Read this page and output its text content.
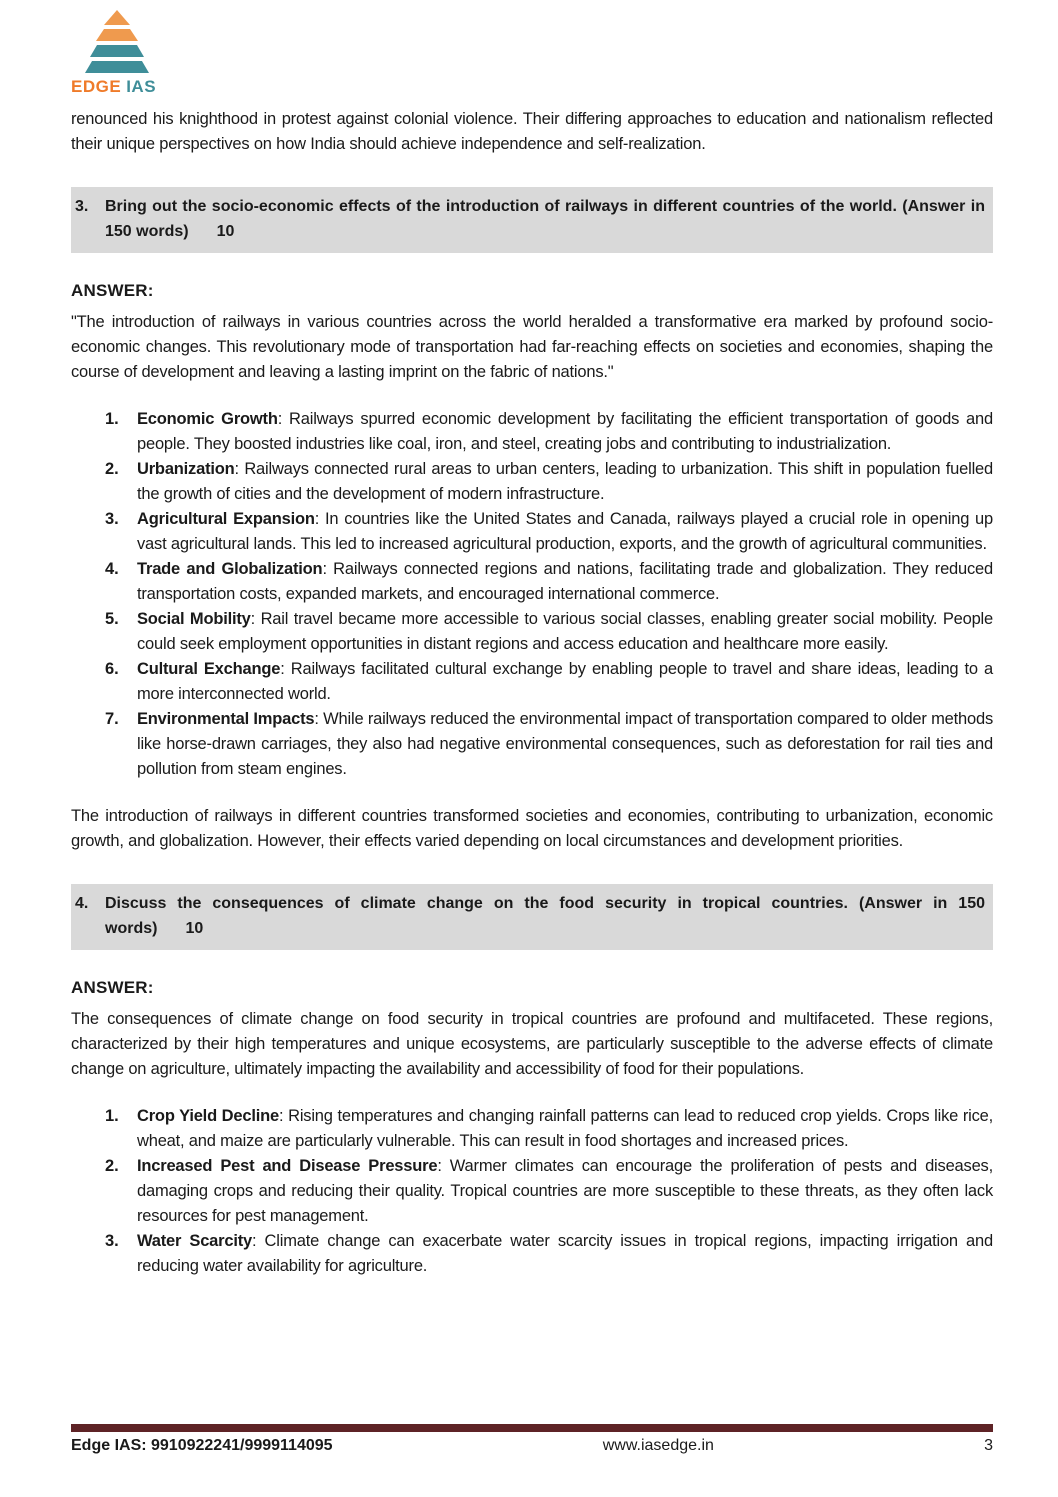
EDGE IAS

renounced his knighthood in protest against colonial violence. Their differing approaches to education and nationalism reflected their unique perspectives on how India should achieve independence and self-realization.

3.	Bring out the socio-economic effects of the introduction of railways in different countries of the world. (Answer in 150 words) 10

ANSWER:

"The introduction of railways in various countries across the world heralded a transformative era marked by profound socio-economic changes. This revolutionary mode of transportation had far-reaching effects on societies and economies, shaping the course of development and leaving a lasting imprint on the fabric of nations."

1.	Economic Growth: Railways spurred economic development by facilitating the efficient transportation of goods and people. They boosted industries like coal, iron, and steel, creating jobs and contributing to industrialization.
2.	Urbanization: Railways connected rural areas to urban centers, leading to urbanization. This shift in population fuelled the growth of cities and the development of modern infrastructure.
3.	Agricultural Expansion: In countries like the United States and Canada, railways played a crucial role in opening up vast agricultural lands. This led to increased agricultural production, exports, and the growth of agricultural communities.
4.	Trade and Globalization: Railways connected regions and nations, facilitating trade and globalization. They reduced transportation costs, expanded markets, and encouraged international commerce.
5.	Social Mobility: Rail travel became more accessible to various social classes, enabling greater social mobility. People could seek employment opportunities in distant regions and access education and healthcare more easily.
6.	Cultural Exchange: Railways facilitated cultural exchange by enabling people to travel and share ideas, leading to a more interconnected world.
7.	Environmental Impacts: While railways reduced the environmental impact of transportation compared to older methods like horse-drawn carriages, they also had negative environmental consequences, such as deforestation for rail ties and pollution from steam engines.

The introduction of railways in different countries transformed societies and economies, contributing to urbanization, economic growth, and globalization. However, their effects varied depending on local circumstances and development priorities.

4.	Discuss the consequences of climate change on the food security in tropical countries. (Answer in 150 words) 10

ANSWER:

The consequences of climate change on food security in tropical countries are profound and multifaceted. These regions, characterized by their high temperatures and unique ecosystems, are particularly susceptible to the adverse effects of climate change on agriculture, ultimately impacting the availability and accessibility of food for their populations.

1.	Crop Yield Decline: Rising temperatures and changing rainfall patterns can lead to reduced crop yields. Crops like rice, wheat, and maize are particularly vulnerable. This can result in food shortages and increased prices.
2.	Increased Pest and Disease Pressure: Warmer climates can encourage the proliferation of pests and diseases, damaging crops and reducing their quality. Tropical countries are more susceptible to these threats, as they often lack resources for pest management.
3.	Water Scarcity: Climate change can exacerbate water scarcity issues in tropical regions, impacting irrigation and reducing water availability for agriculture.
Edge IAS: 9910922241/9999114095	www.iasedge.in	3
